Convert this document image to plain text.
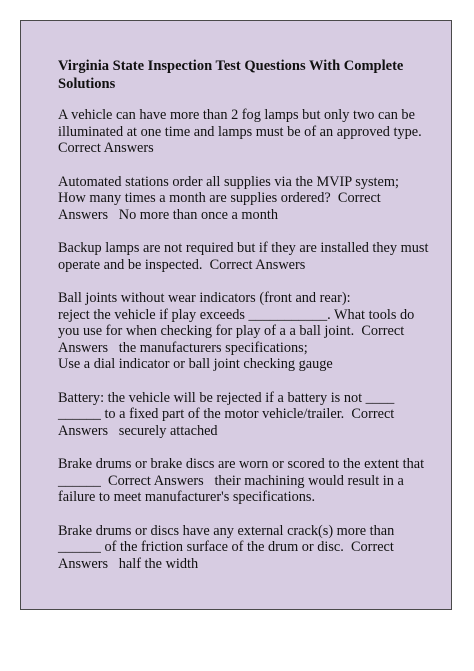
Virginia State Inspection Test Questions With Complete
Solutions
A vehicle can have more than 2 fog lamps but only two can be
illuminated at one time and lamps must be of an approved type.
Correct Answers
Automated stations order all supplies via the MVIP system;
How many times a month are supplies ordered?  Correct
Answers   No more than once a month
Backup lamps are not required but if they are installed they must
operate and be inspected.  Correct Answers
Ball joints without wear indicators (front and rear):
reject the vehicle if play exceeds ___________. What tools do
you use for when checking for play of a a ball joint.  Correct
Answers   the manufacturers specifications;
Use a dial indicator or ball joint checking gauge
Battery: the vehicle will be rejected if a battery is not ____
______ to a fixed part of the motor vehicle/trailer.  Correct
Answers   securely attached
Brake drums or brake discs are worn or scored to the extent that
______  Correct Answers   their machining would result in a
failure to meet manufacturer's specifications.
Brake drums or discs have any external crack(s) more than
______ of the friction surface of the drum or disc.  Correct
Answers   half the width
